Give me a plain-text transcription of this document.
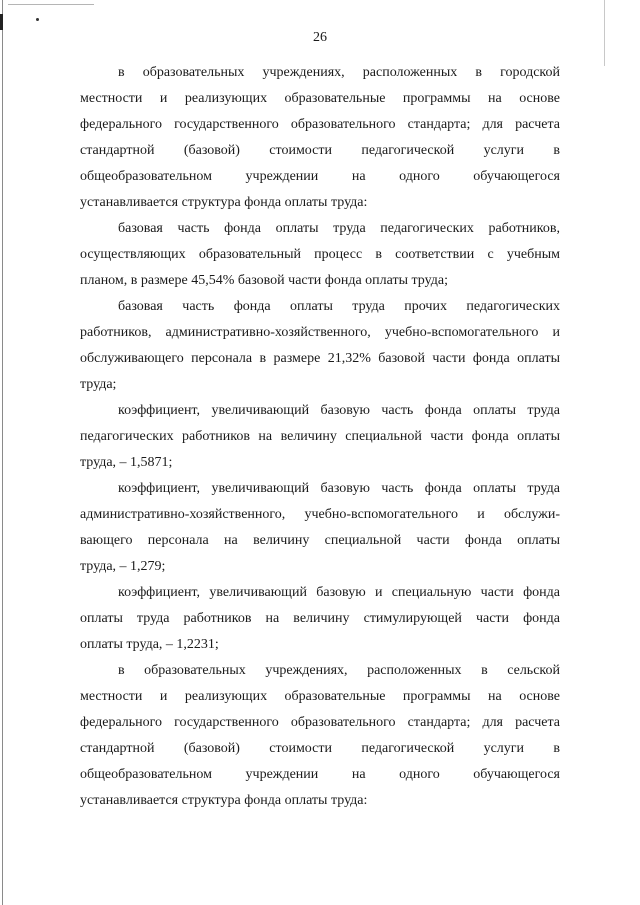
26
в образовательных учреждениях, расположенных в городской
местности и реализующих образовательные программы на основе
федерального государственного образовательного стандарта; для расчета
стандартной (базовой) стоимости педагогической услуги в
общеобразовательном учреждении на одного обучающегося
устанавливается структура фонда оплаты труда:
базовая часть фонда оплаты труда педагогических работников,
осуществляющих образовательный процесс в соответствии с учебным
планом, в размере 45,54% базовой части фонда оплаты труда;
базовая часть фонда оплаты труда прочих педагогических
работников, административно-хозяйственного, учебно-вспомогательного и
обслуживающего персонала в размере 21,32% базовой части фонда оплаты
труда;
коэффициент, увеличивающий базовую часть фонда оплаты труда
педагогических работников на величину специальной части фонда оплаты
труда, – 1,5871;
коэффициент, увеличивающий базовую часть фонда оплаты труда
административно-хозяйственного, учебно-вспомогательного и обслужи-
вающего персонала на величину специальной части фонда оплаты
труда, – 1,279;
коэффициент, увеличивающий базовую и специальную части фонда
оплаты труда работников на величину стимулирующей части фонда
оплаты труда, – 1,2231;
в образовательных учреждениях, расположенных в сельской
местности и реализующих образовательные программы на основе
федерального государственного образовательного стандарта; для расчета
стандартной (базовой) стоимости педагогической услуги в
общеобразовательном учреждении на одного обучающегося
устанавливается структура фонда оплаты труда:
